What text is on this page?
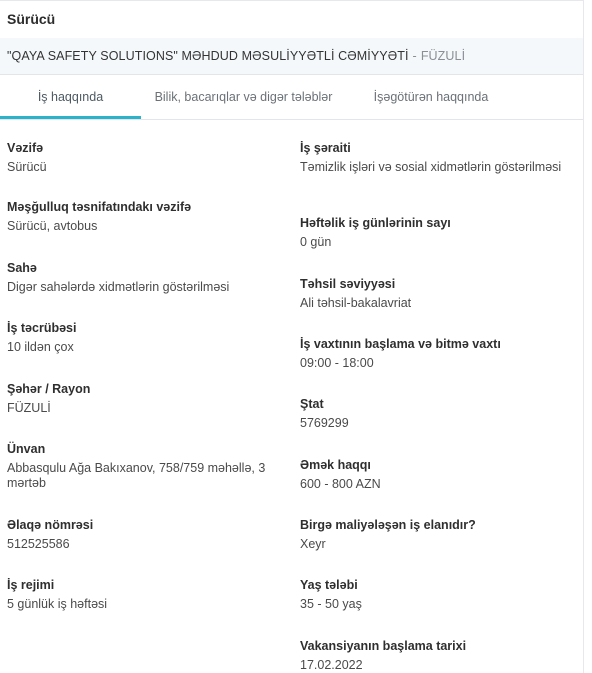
Sürücü
"QAYA SAFETY SOLUTIONS" MƏHDUD MƏSULİYYƏTLİ CƏMİYYƏTİ - FÜZULİ
İş haqqında	Bilik, bacarıqlar və digər tələblər	İşəgötürən haqqında
Vəzifə
Sürücü
Məşğulluq təsnifatındakı vəzifə
Sürücü, avtobus
Sahə
Digər sahələrdə xidmətlərin göstərilməsi
İş təcrübəsi
10 ildən çox
Şəhər / Rayon
FÜZULİ
Ünvan
Abbasqulu Ağa Bakıxanov, 758/759 məhəllə, 3 mərtəb
Əlaqə nömrəsi
512525586
İş rejimi
5 günlük iş həftəsi
İş şəraiti
Təmizlik işləri və sosial xidmətlərin göstərilməsi
Həftəlik iş günlərinin sayı
0 gün
Təhsil səviyyəsi
Ali təhsil-bakalavriat
İş vaxtının başlama və bitmə vaxtı
09:00 - 18:00
Ştat
5769299
Əmək haqqı
600 - 800 AZN
Birgə maliyələşən iş elanıdır?
Xeyr
Yaş tələbi
35 - 50 yaş
Vakansiyanın başlama tarixi
17.02.2022
